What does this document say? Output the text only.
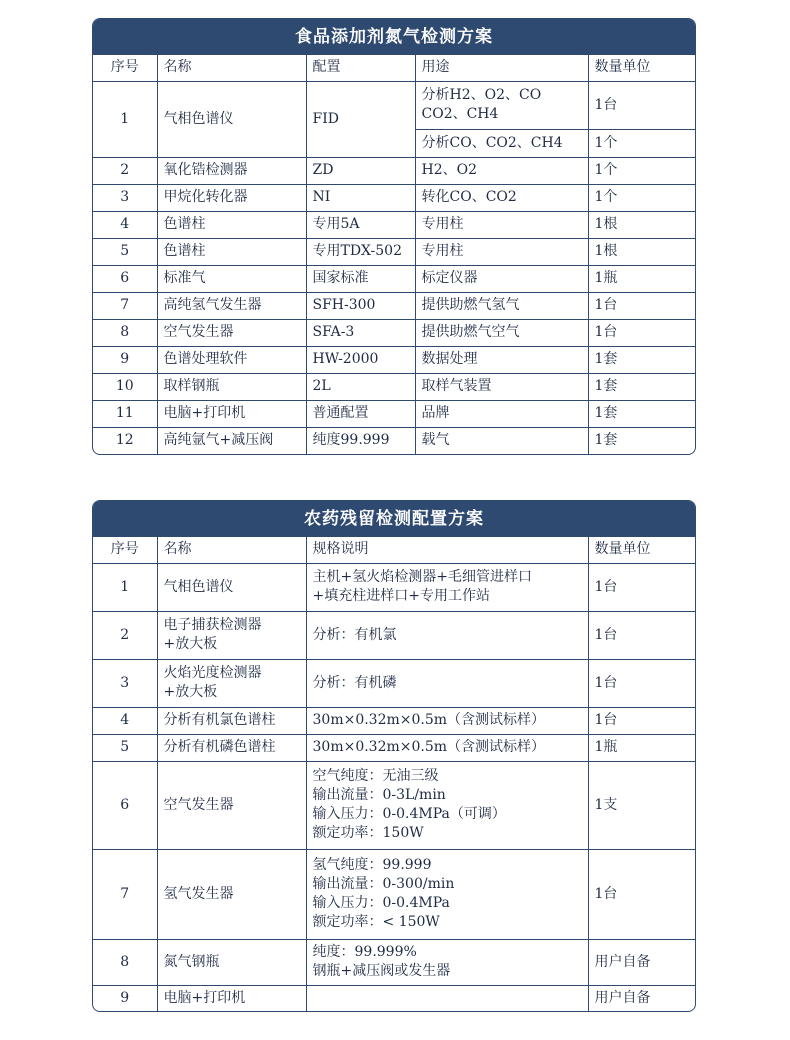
食品添加剂氮气检测方案
序号	名称	配置	用途	数量单位
1	气相色谱仪	FID	分析H2、O2、CO CO2、CH4	1台
			分析CO、CO2、CH4	1个
2	氧化锆检测器	ZD	H2、O2	1个
3	甲烷化转化器	NI	转化CO、CO2	1个
4	色谱柱	专用5A	专用柱	1根
5	色谱柱	专用TDX-502	专用柱	1根
6	标准气	国家标准	标定仪器	1瓶
7	高纯氢气发生器	SFH-300	提供助燃气氢气	1台
8	空气发生器	SFA-3	提供助燃气空气	1台
9	色谱处理软件	HW-2000	数据处理	1套
10	取样钢瓶	2L	取样气装置	1套
11	电脑+打印机	普通配置	品牌	1套
12	高纯氩气+减压阀	纯度99.999	载气	1套
农药残留检测配置方案
序号	名称	规格说明	数量单位
1	气相色谱仪	主机+氢火焰检测器+毛细管进样口
+填充柱进样口+专用工作站	1台
2	电子捕获检测器
+放大板	分析：有机氯	1台
3	火焰光度检测器
+放大板	分析：有机磷	1台
4	分析有机氯色谱柱	30m×0.32m×0.5m（含测试标样）	1台
5	分析有机磷色谱柱	30m×0.32m×0.5m（含测试标样）	1瓶
6	空气发生器	空气纯度：无油三级
输出流量：0-3L/min
输入压力：0-0.4MPa（可调）
额定功率：150W	1支
7	氢气发生器	氢气纯度：99.999
输出流量：0-300/min
输入压力：0-0.4MPa
额定功率：< 150W	1台
8	氮气钢瓶	纯度：99.999%
钢瓶+减压阀或发生器	用户自备
9	电脑+打印机		用户自备
